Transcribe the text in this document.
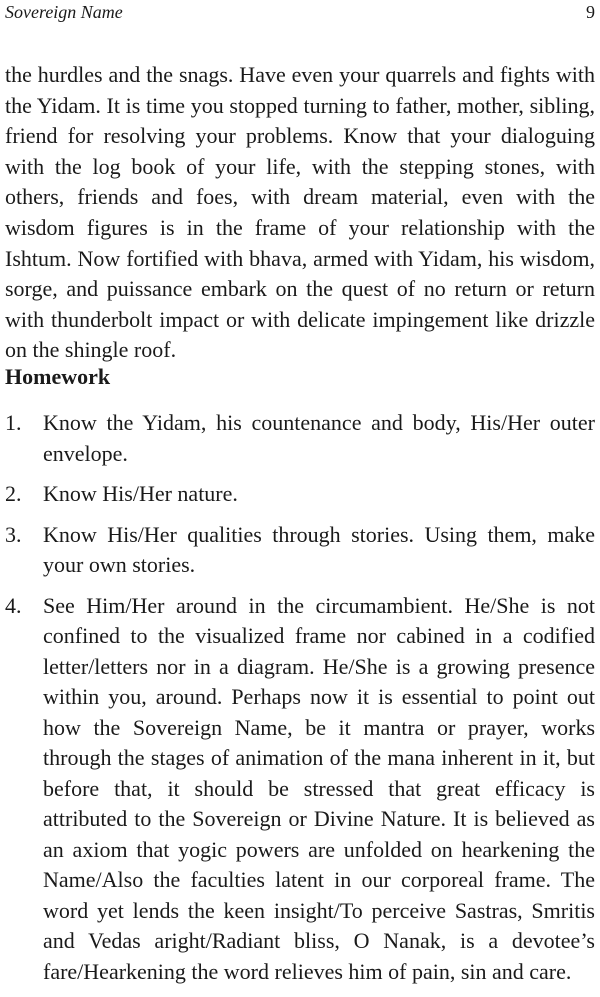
Sovereign Name	9

the hurdles and the snags. Have even your quarrels and fights with the Yidam. It is time you stopped turning to father, mother, sibling, friend for resolving your problems. Know that your dialoguing with the log book of your life, with the stepping stones, with others, friends and foes, with dream material, even with the wisdom figures is in the frame of your relationship with the Ishtum. Now fortified with bhava, armed with Yidam, his wisdom, sorge, and puissance embark on the quest of no return or return with thunderbolt impact or with delicate impingement like drizzle on the shingle roof.

Homework
1. Know the Yidam, his countenance and body, His/Her outer envelope.
2. Know His/Her nature.
3. Know His/Her qualities through stories. Using them, make your own stories.
4. See Him/Her around in the circumambient. He/She is not confined to the visualized frame nor cabined in a codified letter/letters nor in a diagram. He/She is a growing presence within you, around. Perhaps now it is essential to point out how the Sovereign Name, be it mantra or prayer, works through the stages of animation of the mana inherent in it, but before that, it should be stressed that great efficacy is attributed to the Sovereign or Divine Nature. It is believed as an axiom that yogic powers are unfolded on hearkening the Name/Also the faculties latent in our corporeal frame. The word yet lends the keen insight/To perceive Sastras, Smritis and Vedas aright/Radiant bliss, O Nanak, is a devotee’s fare/Hearkening the word relieves him of pain, sin and care.
